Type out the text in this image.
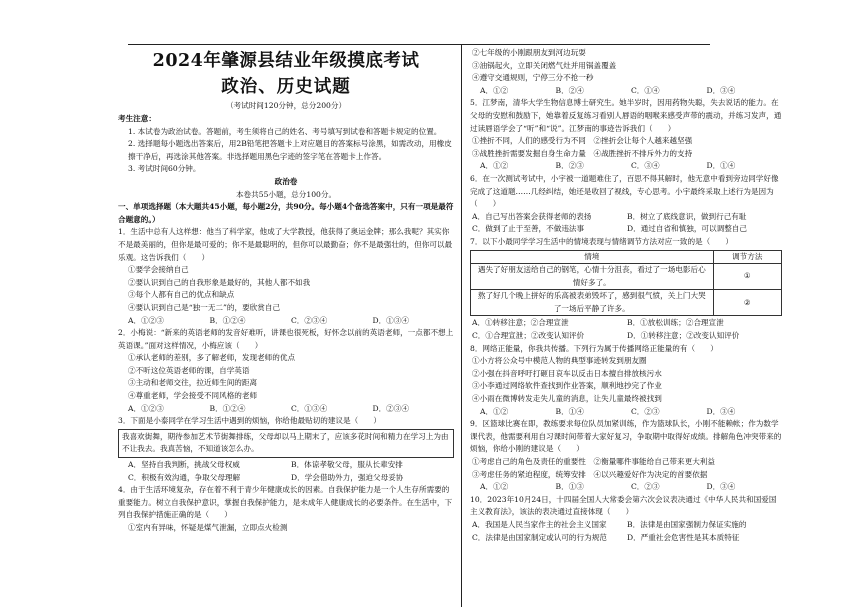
2024年肇源县结业年级摸底考试
政治、历史试题
（考试时间120分钟，总分200分）
考生注意：
1. 本试卷为政治试卷。答题前，考生须将自己的姓名、考号填写到试卷和答题卡规定的位置。
2. 选择题每小题选出答案后，用2B铅笔把答题卡上对应题目的答案标号涂黑，如需改动，用橡皮擦干净后，再选涂其他答案。非选择题用黑色字迹的签字笔在答题卡上作答。
3. 考试时间60分钟。
政治卷
本卷共55小题，总分100分。
一、单项选择题（本大题共45小题，每小题2分，共90分。每小题4个备选答案中，只有一项是最符合题意的。）
1．生活中总有人这样想：他当了科学家，他成了大学教授，他获得了奥运金牌；那么我呢？其实你不是最美丽的，但你是最可爱的；你不是最聪明的，但你可以最勤奋；你不是最强壮的，但你可以最乐观。这告诉我们（　　）
①要学会接纳自己
②要认识到自己的自我形象是最好的，其他人都不如我
③每个人都有自己的优点和缺点
④要认识到自己是“独一无二”的，要欣赏自己
A．①②③	B．①②④	C．②③④	D．①③④
2．小梅说：“新来的英语老师的发音好难听，讲课也很死板，好怀念以前的英语老师，一点都不想上英语课。”面对这样情况，小梅应该（　　）
①承认老师的差别，多了解老师，发现老师的优点
②不听这位英语老师的课，自学英语
③主动和老师交往，拉近师生间的距离
④尊重老师，学会接受不同风格的老师
A．①②③	B．①②④	C．①③④	D．②③④
3．下面是小泰同学在学习生活中遇到的烦恼，你给他最贴切的建议是（　　）
我喜欢街舞，期待参加艺术节街舞排练，父母却以马上期末了，应该多花时间和精力在学习上为由不让我去。我真苦恼，不知道该怎么办。
A．坚持自我判断，挑战父母权威	B．体谅孝敬父母，服从长辈安排
C．积极有效沟通，争取父母理解	D．学会借助外力，强迫父母妥协
4．由于生活环境复杂，存在着不利于青少年健康成长的因素。自我保护能力是一个人生存所需要的重要能力。树立自我保护意识，掌握自我保护能力，是未成年人健康成长的必要条件。在生活中，下列自我保护措施正确的是（　　）
①室内有异味，怀疑是煤气泄漏，立即点火检测
②七年级的小刚跟朋友到河边玩耍
③油锅起火，立即关闭燃气灶并用锅盖覆盖
④遵守交通规则，宁停三分不抢一秒
A．①②	B．②④	C．①④	D．③④
5．江梦南，清华大学生物信息博士研究生。她半岁时，因用药物失聪，失去说话的能力。在父母的安慰和鼓励下，她靠着反复练习看别人唇语的咽喉来感受声带的震动，并练习发声，通过读唇语学会了“听”和“说”。江梦南的事迹告诉我们（　　）
①挫折不同，人们的感受行为不同　②挫折会让每个人越来越坚强
③战胜挫折需要发掘自身生命力量　④战胜挫折不排斥外力的支持
A．①②	B．②③	C．③④	D．①④
6．在一次测试考试中，小宇被一道题难住了，百思不得其解时，他无意中看到旁边同学好像完成了这道题……几经纠结，她还是收回了视线，专心思考。小宇最终采取上述行为是因为（　　）
A．自己写出答案会获得老师的表扬	B．树立了底线意识，做到行己有耻
C．做到了止于至善，不做违法事	D．通过自省和慎独，可以调整自己
7．以下小最同学学习生活中的情境表现与情绪调节方法对应一致的是（　　）
情境	调节方法
遇失了好朋友送给自己的钢笔，心情十分沮丧，看过了一场电影后心情好多了。	①
熬了好几个晚上拼好的乐高被表弟毁坏了，感到很气愤，关上门大哭了一场后平静了许多。	②
A．①转移注意；②合理宣泄	B．①放松训练；②合理宣泄
C．①合理宣泄；②改变认知评价	D．①转移注意；②改变认知评价
8．网络正能量，你我共传播。下列行为属于传播网络正能量的有（　　）
①小方将公众号中模范人物的典型事迹转发到朋友圈
②小强在抖音呼吁打砸目哀车以反击日本擅自排放核污水
③小李通过网络软件查找到作业答案，顺利地抄完了作业
④小雨在微博转发走失儿童的消息，让失儿童最终被找到
A．①②	B．①④	C．②③	D．③④
9．区篮球比赛在即，教练要求每位队员加紧训练，作为篮球队长，小刚不能赖帐；作为数学课代表，他需要利用自习课时间带着大家好复习，争取期中取得好成绩。排解角色冲突带来的烦恼，你给小刚的建议是（　　）
①考虑自己的角色及责任的重要性　②衡量哪件事能给自己带来更大利益
③考虑任务的紧迫程度，统筹安排　④以兴趣爱好作为决定的首要依据
A．①②	B．①③	C．②③	D．③④
10．2023年10月24日，十四届全国人大常委会第六次会议表决通过《中华人民共和国爱国主义教育法》，该法的表决通过直接体现（　　）
A．我国是人民当家作主的社会主义国家	B．法律是由国家强制力保证实施的
C．法律是由国家制定或认可的行为规范	D．严重社会危害性是其本质特征
